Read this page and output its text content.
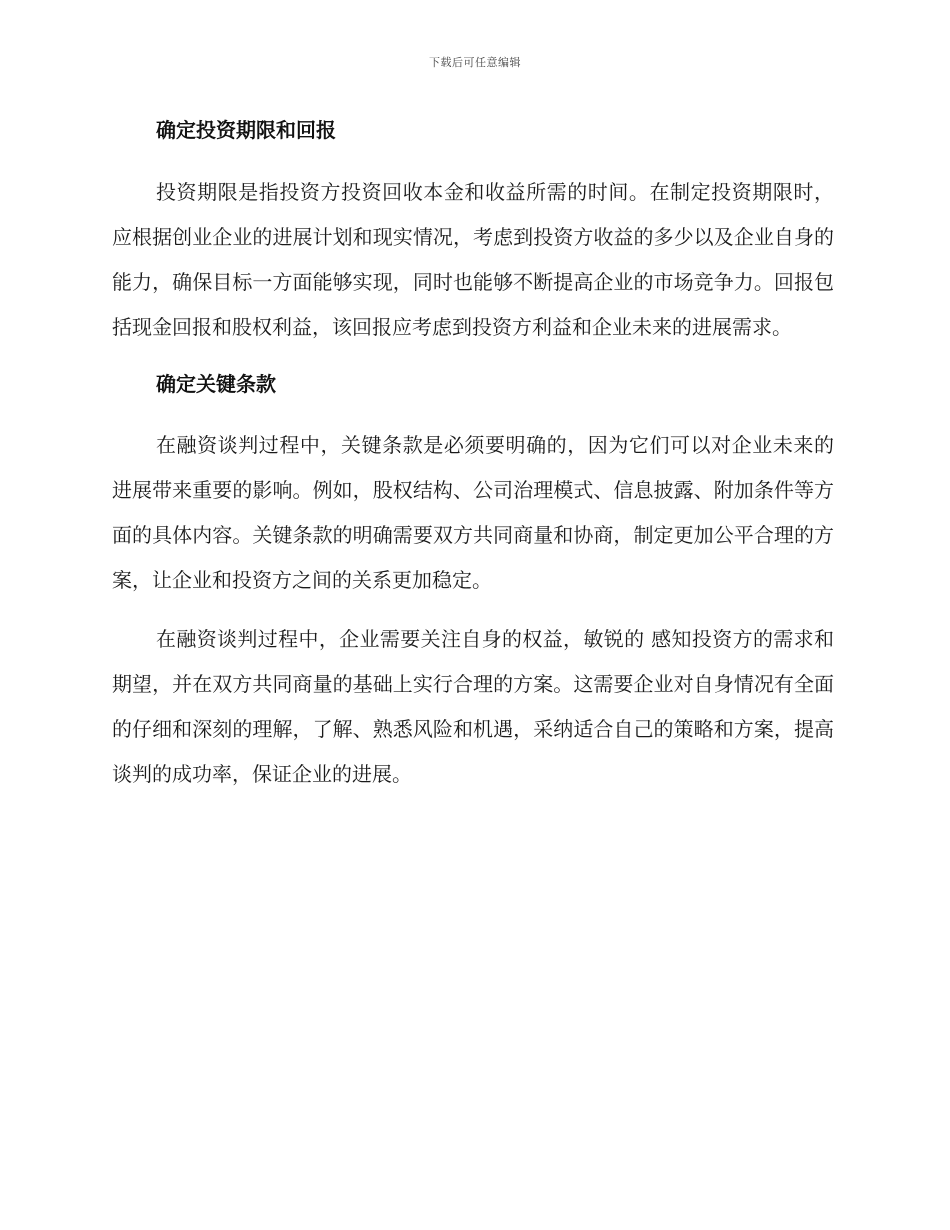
下载后可任意编辑
确定投资期限和回报

投资期限是指投资方投资回收本金和收益所需的时间。在制定投资期限时，应根据创业企业的进展计划和现实情况，考虑到投资方收益的多少以及企业自身的能力，确保目标一方面能够实现，同时也能够不断提高企业的市场竞争力。回报包括现金回报和股权利益，该回报应考虑到投资方利益和企业未来的进展需求。

确定关键条款

在融资谈判过程中，关键条款是必须要明确的，因为它们可以对企业未来的进展带来重要的影响。例如，股权结构、公司治理模式、信息披露、附加条件等方面的具体内容。关键条款的明确需要双方共同商量和协商，制定更加公平合理的方案，让企业和投资方之间的关系更加稳定。

在融资谈判过程中，企业需要关注自身的权益，敏锐的 感知投资方的需求和期望，并在双方共同商量的基础上实行合理的方案。这需要企业对自身情况有全面的仔细和深刻的理解，了解、熟悉风险和机遇，采纳适合自己的策略和方案，提高谈判的成功率，保证企业的进展。
